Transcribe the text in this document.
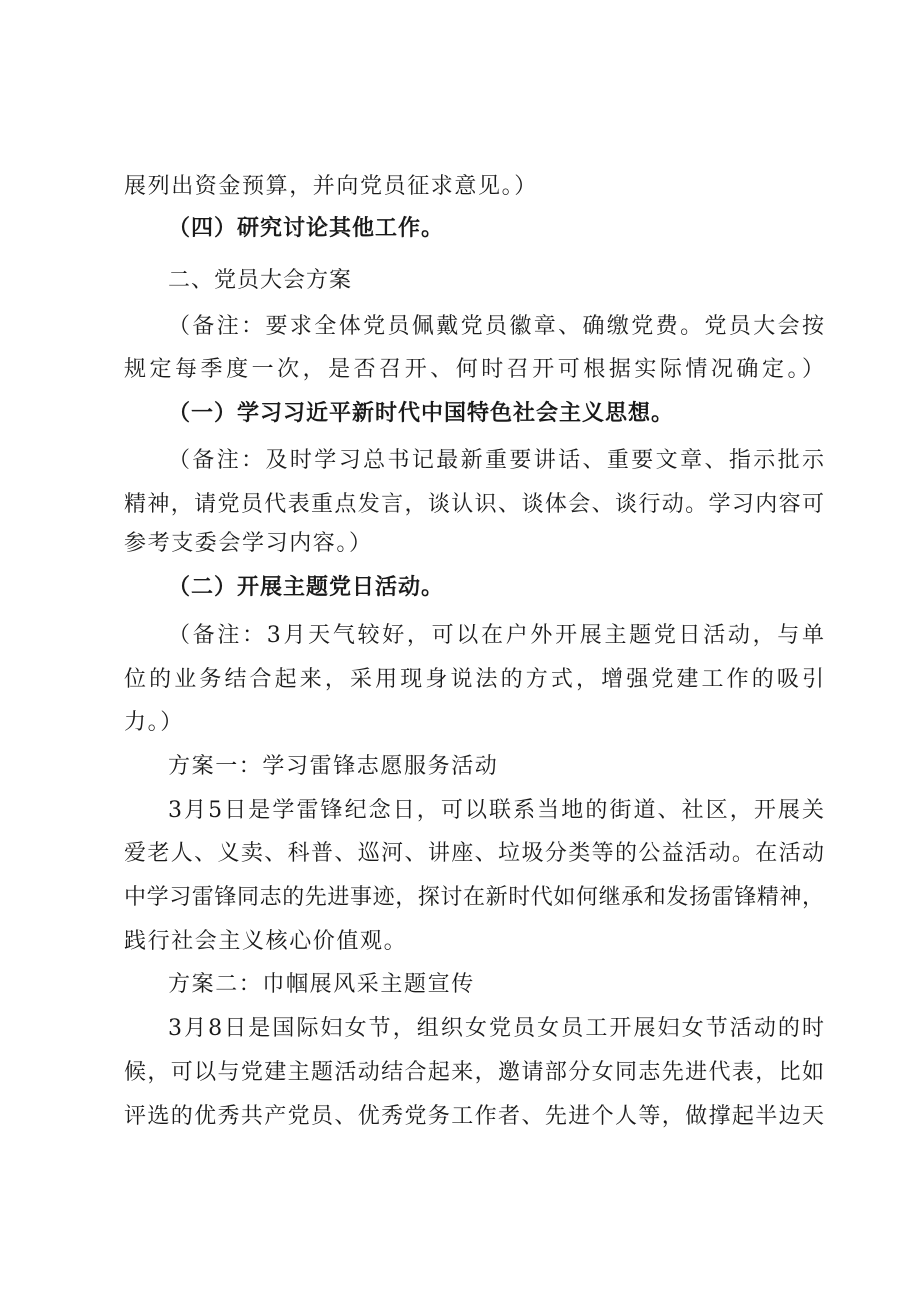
展列出资金预算，并向党员征求意见。）
（四）研究讨论其他工作。
二、党员大会方案
（备注：要求全体党员佩戴党员徽章、确缴党费。党员大会按
规定每季度一次，是否召开、何时召开可根据实际情况确定。）
（一）学习习近平新时代中国特色社会主义思想。
（备注：及时学习总书记最新重要讲话、重要文章、指示批示
精神，请党员代表重点发言，谈认识、谈体会、谈行动。学习内容可
参考支委会学习内容。）
（二）开展主题党日活动。
（备注：3月天气较好，可以在户外开展主题党日活动，与单
位的业务结合起来，采用现身说法的方式，增强党建工作的吸引
力。）
方案一：学习雷锋志愿服务活动
3月5日是学雷锋纪念日，可以联系当地的街道、社区，开展关
爱老人、义卖、科普、巡河、讲座、垃圾分类等的公益活动。在活动
中学习雷锋同志的先进事迹，探讨在新时代如何继承和发扬雷锋精神，
践行社会主义核心价值观。
方案二：巾帼展风采主题宣传
3月8日是国际妇女节，组织女党员女员工开展妇女节活动的时
候，可以与党建主题活动结合起来，邀请部分女同志先进代表，比如
评选的优秀共产党员、优秀党务工作者、先进个人等，做撑起半边天
